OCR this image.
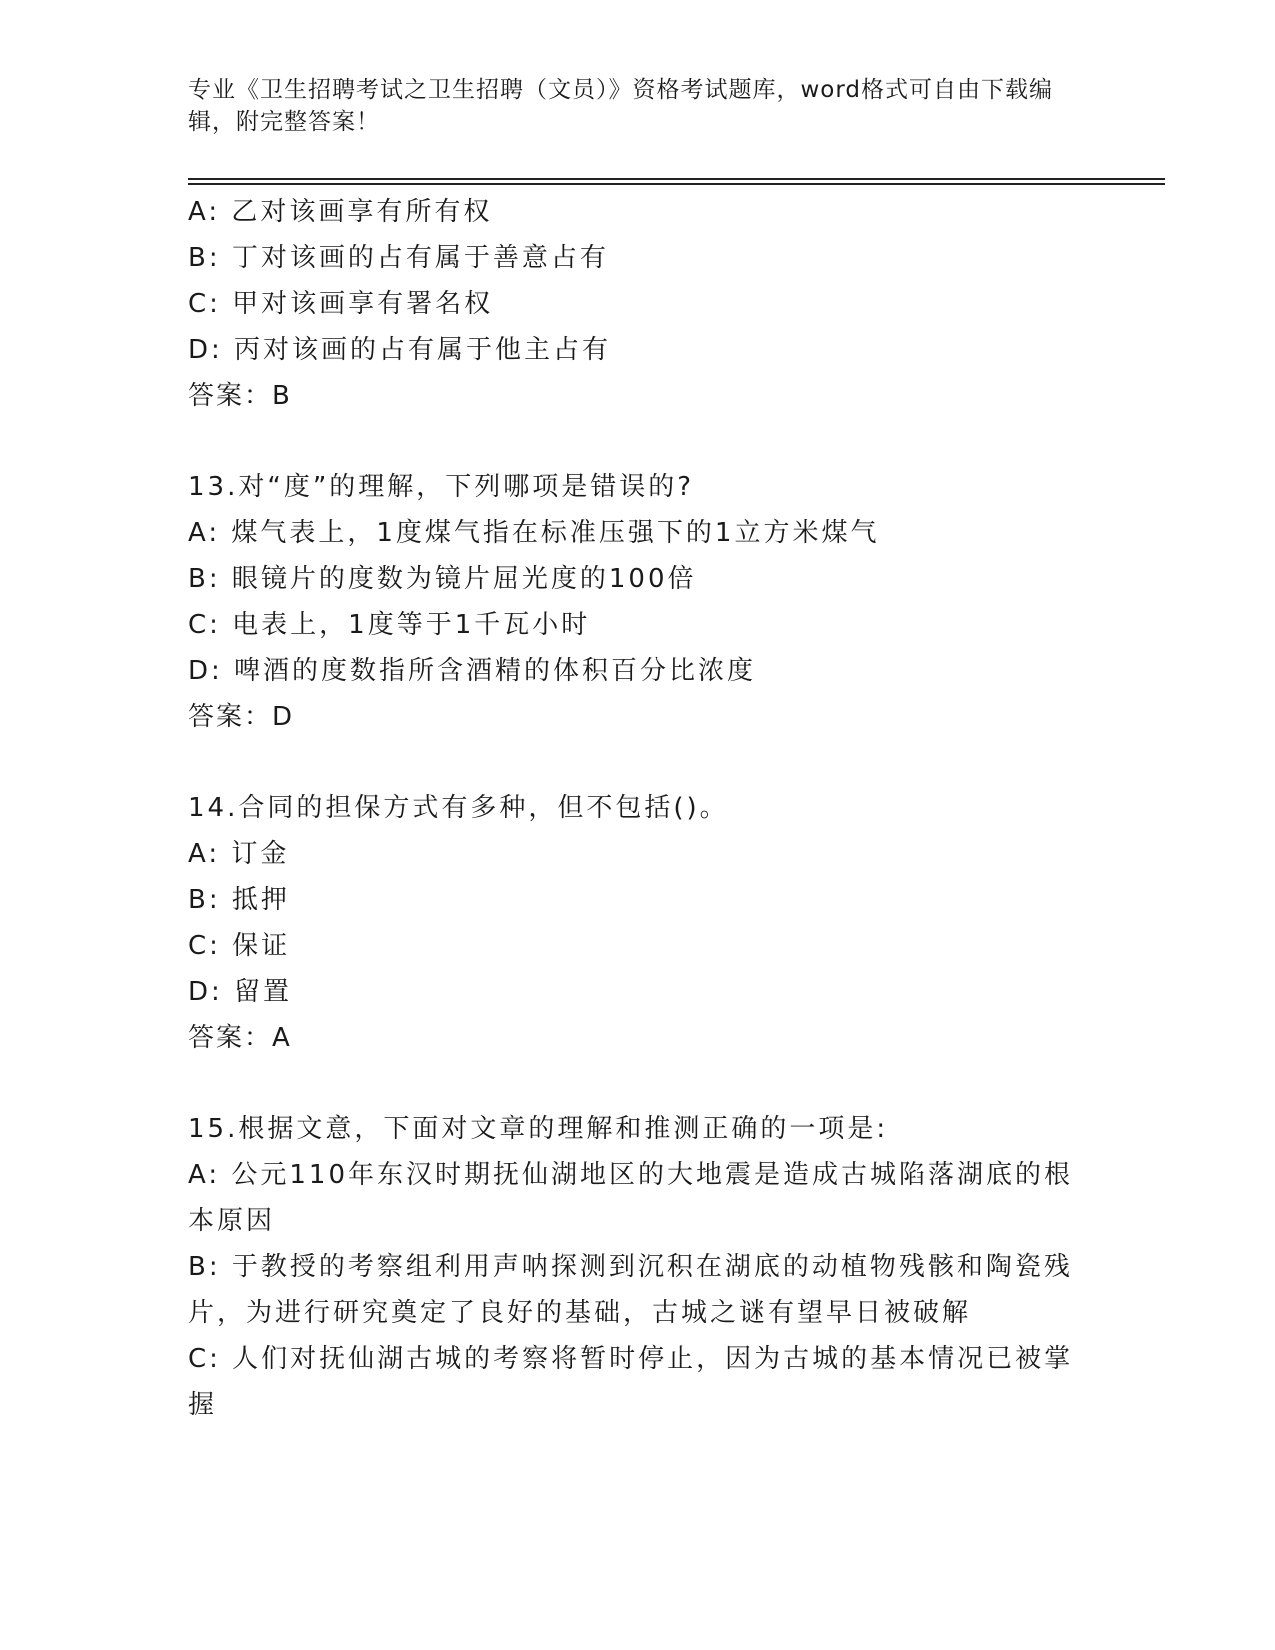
专业《卫生招聘考试之卫生招聘（文员）》资格考试题库，word格式可自由下载编辑，附完整答案！
A: 乙对该画享有所有权
B: 丁对该画的占有属于善意占有
C: 甲对该画享有署名权
D: 丙对该画的占有属于他主占有
答案：B
13.对“度”的理解，下列哪项是错误的?
A: 煤气表上，1度煤气指在标准压强下的1立方米煤气
B: 眼镜片的度数为镜片屈光度的100倍
C: 电表上，1度等于1千瓦小时
D: 啤酒的度数指所含酒精的体积百分比浓度
答案：D
14.合同的担保方式有多种，但不包括()。
A: 订金
B: 抵押
C: 保证
D: 留置
答案：A
15.根据文意，下面对文章的理解和推测正确的一项是:
A: 公元110年东汉时期抚仙湖地区的大地震是造成古城陷落湖底的根本原因
B: 于教授的考察组利用声呐探测到沉积在湖底的动植物残骸和陶瓷残片，为进行研究奠定了良好的基础，古城之谜有望早日被破解
C: 人们对抚仙湖古城的考察将暂时停止，因为古城的基本情况已被掌握
